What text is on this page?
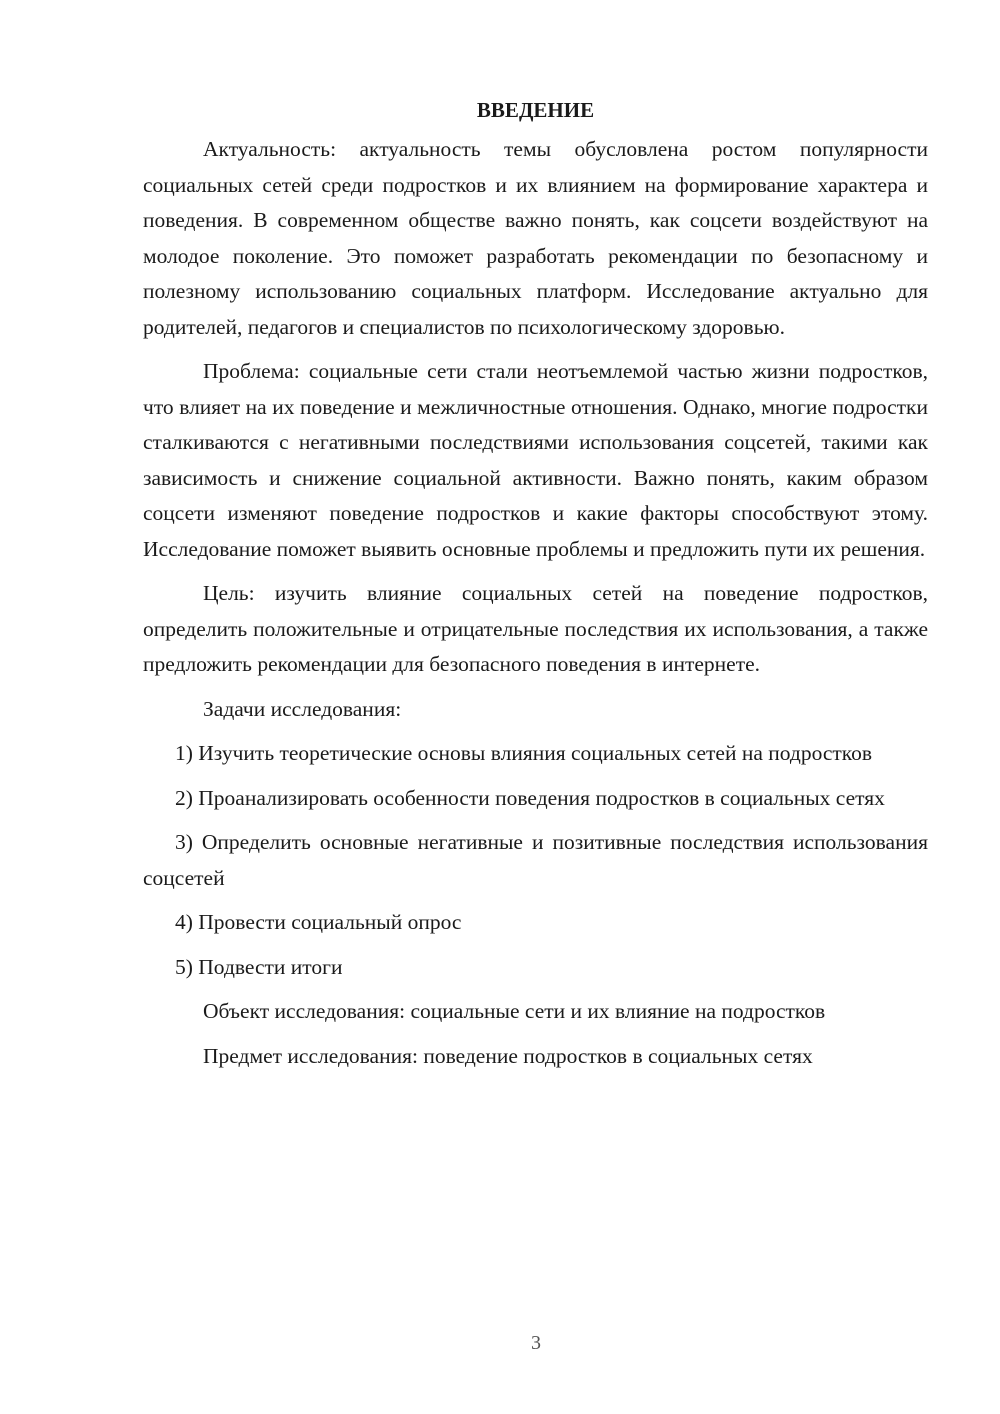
ВВЕДЕНИЕ

Актуальность: актуальность темы обусловлена ростом популярности социальных сетей среди подростков и их влиянием на формирование характера и поведения. В современном обществе важно понять, как соцсети воздействуют на молодое поколение. Это поможет разработать рекомендации по безопасному и полезному использованию социальных платформ. Исследование актуально для родителей, педагогов и специалистов по психологическому здоровью.

Проблема: социальные сети стали неотъемлемой частью жизни подростков, что влияет на их поведение и межличностные отношения. Однако, многие подростки сталкиваются с негативными последствиями использования соцсетей, такими как зависимость и снижение социальной активности. Важно понять, каким образом соцсети изменяют поведение подростков и какие факторы способствуют этому. Исследование поможет выявить основные проблемы и предложить пути их решения.

Цель: изучить влияние социальных сетей на поведение подростков, определить положительные и отрицательные последствия их использования, а также предложить рекомендации для безопасного поведения в интернете.

Задачи исследования:

1) Изучить теоретические основы влияния социальных сетей на подростков

2) Проанализировать особенности поведения подростков в социальных сетях

3) Определить основные негативные и позитивные последствия использования соцсетей

4) Провести социальный опрос

5) Подвести итоги

Объект исследования: социальные сети и их влияние на подростков

Предмет исследования: поведение подростков в социальных сетях

3
